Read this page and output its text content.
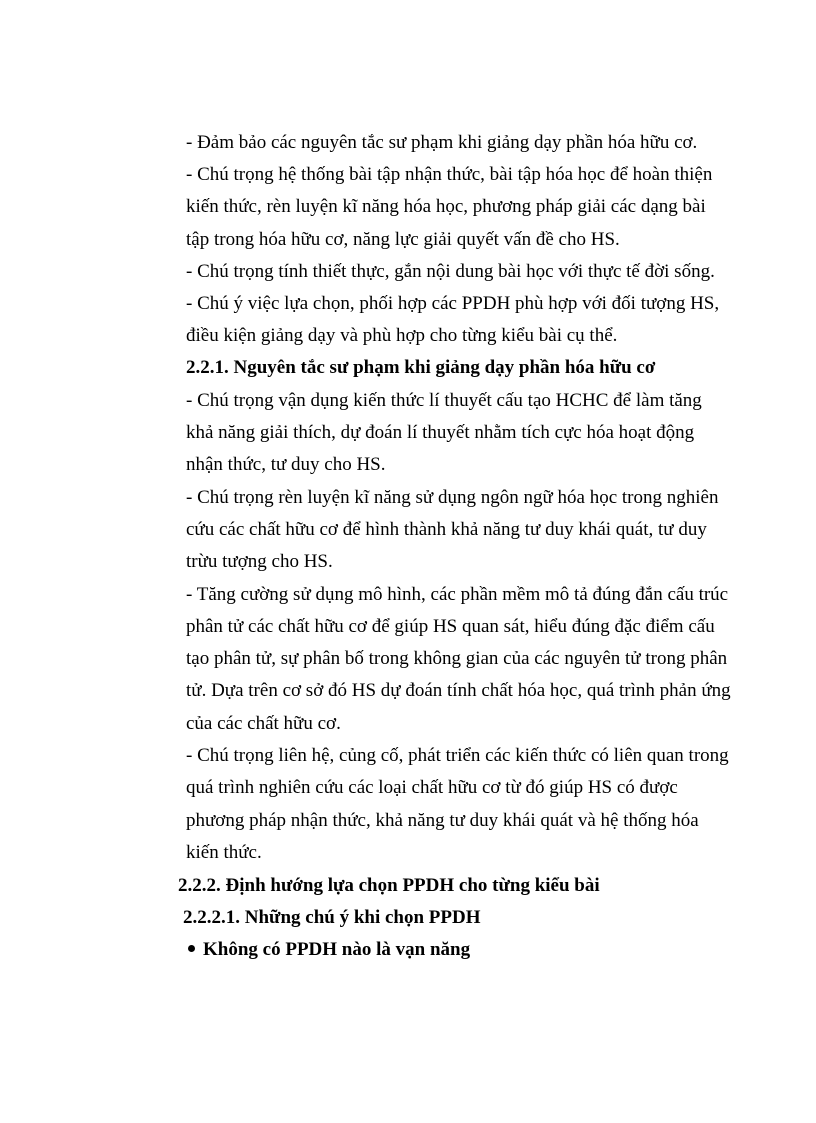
- Đảm bảo các nguyên tắc sư phạm khi giảng dạy phần hóa hữu cơ.
- Chú trọng hệ thống bài tập nhận thức, bài tập hóa học để hoàn thiện
kiến thức, rèn luyện kĩ năng hóa học, phương pháp giải các dạng bài
tập trong hóa hữu cơ, năng lực giải quyết vấn đề cho HS.
- Chú trọng tính thiết thực, gắn nội dung bài học với thực tế đời sống.
- Chú ý việc lựa chọn, phối hợp các PPDH phù hợp với đối tượng HS,
điều kiện giảng dạy và phù hợp cho từng kiểu bài cụ thể.
2.2.1. Nguyên tắc sư phạm khi giảng dạy phần hóa hữu cơ
- Chú trọng vận dụng kiến thức lí thuyết cấu tạo HCHC để làm tăng
khả năng giải thích, dự đoán lí thuyết nhằm tích cực hóa hoạt động
nhận thức, tư duy cho HS.
- Chú trọng rèn luyện kĩ năng sử dụng ngôn ngữ hóa học trong nghiên
cứu các chất hữu cơ để hình thành khả năng tư duy khái quát, tư duy
trừu tượng cho HS.
- Tăng cường sử dụng mô hình, các phần mềm mô tả đúng đắn cấu trúc
phân tử các chất hữu cơ để giúp HS quan sát, hiểu đúng đặc điểm cấu
tạo phân tử, sự phân bố trong không gian của các nguyên tử trong phân
tử. Dựa trên cơ sở đó HS dự đoán tính chất hóa học, quá trình phản ứng
của các chất hữu cơ.
- Chú trọng liên hệ, củng cố, phát triển các kiến thức có liên quan trong
quá trình nghiên cứu các loại chất hữu cơ từ đó giúp HS có được
phương pháp nhận thức, khả năng tư duy khái quát và hệ thống hóa
kiến thức.
2.2.2. Định hướng lựa chọn PPDH cho từng kiểu bài
2.2.2.1. Những chú ý khi chọn PPDH
Không có PPDH nào là vạn năng
